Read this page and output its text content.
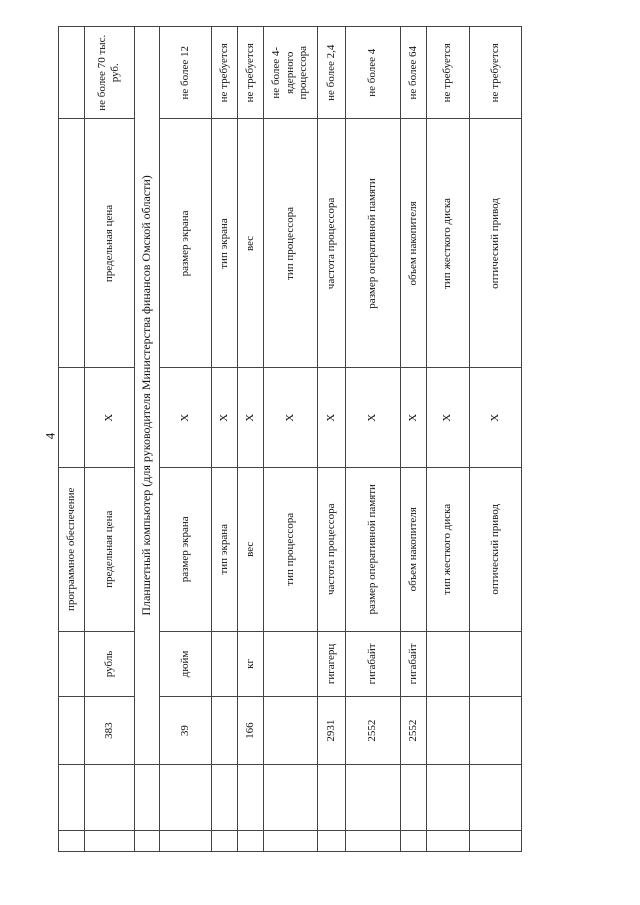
4
				программное обеспечение			
		383	рубль	предельная цена	Х	предельная цена	не более 70 тыс. руб.
		Планшетный компьютер (для руководителя Министерства финансов Омской области)					
		39	дюйм	размер экрана	Х	размер экрана	не более 12
				тип экрана	Х	тип экрана	не требуется
		166	кг	вес	Х	вес	не требуется
				тип процессора	Х	тип процессора	не более 4- ядерного процессора
		2931	гигагерц	частота процессора	Х	частота процессора	не более 2,4
		2552	гигабайт	размер оперативной памяти	Х	размер оперативной памяти	не более 4
		2552	гигабайт	объем накопителя	Х	объем накопителя	не более 64
				тип жесткого диска	Х	тип жесткого диска	не требуется
				оптический привод	Х	оптический привод	не требуется
